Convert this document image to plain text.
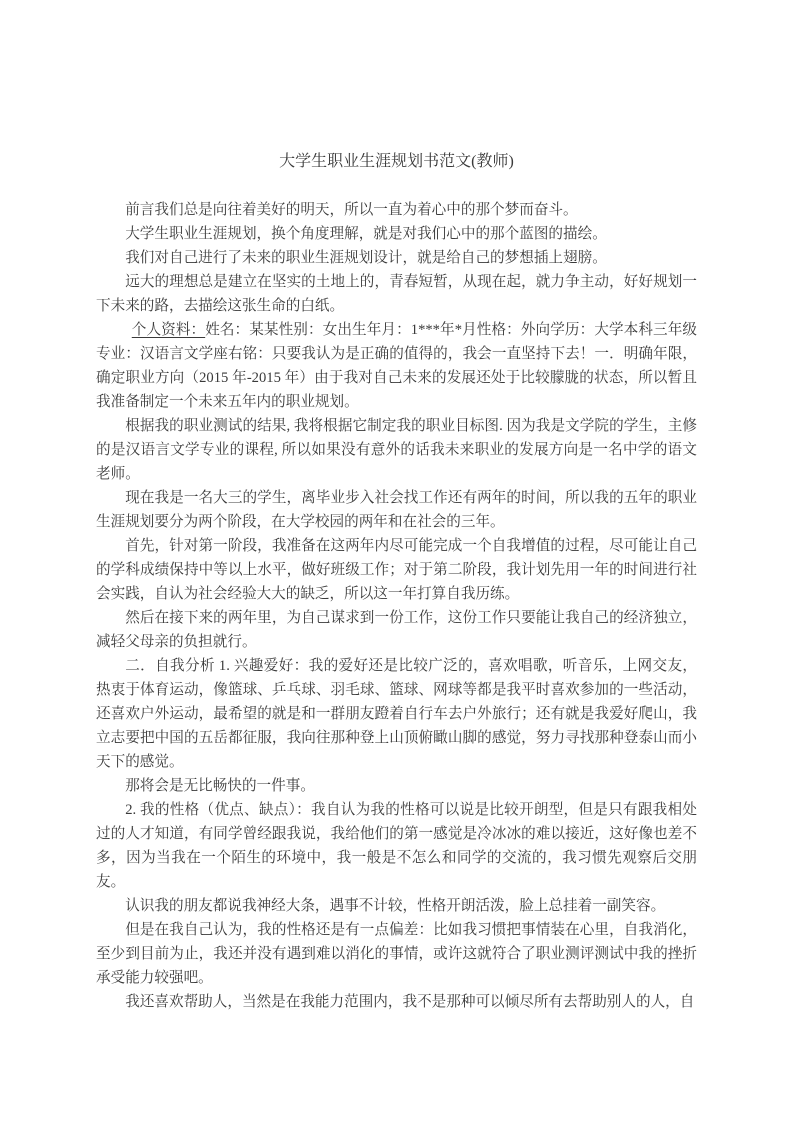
大学生职业生涯规划书范文(教师)

前言我们总是向往着美好的明天，所以一直为着心中的那个梦而奋斗。

大学生职业生涯规划，换个角度理解，就是对我们心中的那个蓝图的描绘。

我们对自己进行了未来的职业生涯规划设计，就是给自己的梦想插上翅膀。

远大的理想总是建立在坚实的土地上的，青春短暂，从现在起，就力争主动，好好规划一下未来的路，去描绘这张生命的白纸。

个人资料：姓名：某某性别：女出生年月：1***年*月性格：外向学历：大学本科三年级专业：汉语言文学座右铭：只要我认为是正确的值得的，我会一直坚持下去！一．明确年限，确定职业方向（2015 年-2015 年）由于我对自己未来的发展还处于比较朦胧的状态，所以暂且我准备制定一个未来五年内的职业规划。

根据我的职业测试的结果, 我将根据它制定我的职业目标图. 因为我是文学院的学生，主修的是汉语言文学专业的课程, 所以如果没有意外的话我未来职业的发展方向是一名中学的语文老师。

现在我是一名大三的学生，离毕业步入社会找工作还有两年的时间，所以我的五年的职业生涯规划要分为两个阶段，在大学校园的两年和在社会的三年。

首先，针对第一阶段，我准备在这两年内尽可能完成一个自我增值的过程，尽可能让自己的学科成绩保持中等以上水平，做好班级工作；对于第二阶段，我计划先用一年的时间进行社会实践，自认为社会经验大大的缺乏，所以这一年打算自我历练。

然后在接下来的两年里，为自己谋求到一份工作，这份工作只要能让我自己的经济独立，减轻父母亲的负担就行。

二．自我分析 1. 兴趣爱好：我的爱好还是比较广泛的，喜欢唱歌，听音乐，上网交友，热衷于体育运动，像篮球、乒乓球、羽毛球、篮球、网球等都是我平时喜欢参加的一些活动，还喜欢户外运动，最希望的就是和一群朋友蹬着自行车去户外旅行；还有就是我爱好爬山，我立志要把中国的五岳都征服，我向往那种登上山顶俯瞰山脚的感觉，努力寻找那种登泰山而小天下的感觉。

那将会是无比畅快的一件事。

2. 我的性格（优点、缺点）：我自认为我的性格可以说是比较开朗型，但是只有跟我相处过的人才知道，有同学曾经跟我说，我给他们的第一感觉是冷冰冰的难以接近，这好像也差不多，因为当我在一个陌生的环境中，我一般是不怎么和同学的交流的，我习惯先观察后交朋友。

认识我的朋友都说我神经大条，遇事不计较，性格开朗活泼，脸上总挂着一副笑容。

但是在我自己认为，我的性格还是有一点偏差：比如我习惯把事情装在心里，自我消化，至少到目前为止，我还并没有遇到难以消化的事情，或许这就符合了职业测评测试中我的挫折承受能力较强吧。

我还喜欢帮助人，当然是在我能力范围内，我不是那种可以倾尽所有去帮助别人的人，自
